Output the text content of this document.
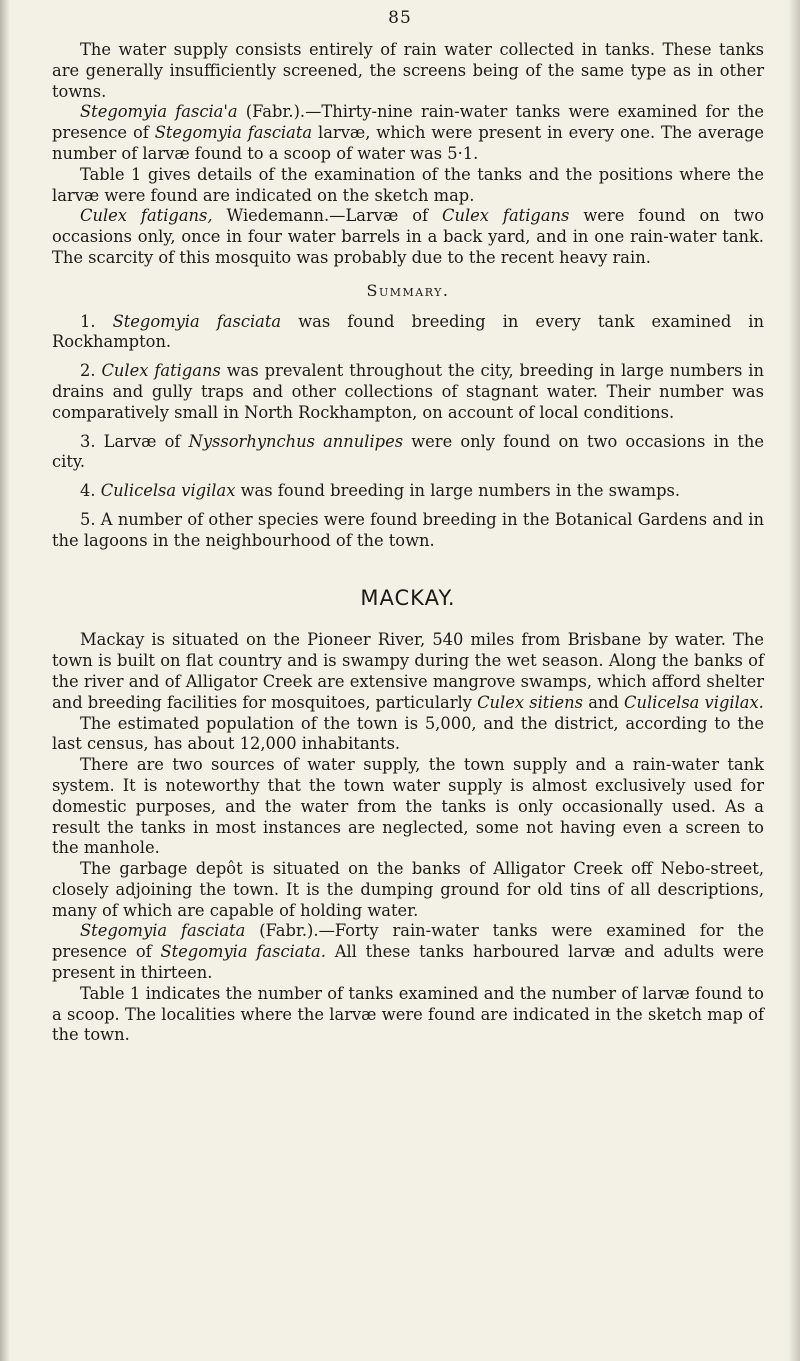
85

The water supply consists entirely of rain water collected in tanks. These tanks are generally insufficiently screened, the screens being of the same type as in other towns.

Stegomyia fascia'a (Fabr.).—Thirty-nine rain-water tanks were examined for the presence of Stegomyia fasciata larvæ, which were present in every one. The average number of larvæ found to a scoop of water was 5·1.

Table 1 gives details of the examination of the tanks and the positions where the larvæ were found are indicated on the sketch map.

Culex fatigans, Wiedemann.—Larvæ of Culex fatigans were found on two occasions only, once in four water barrels in a back yard, and in one rain-water tank. The scarcity of this mosquito was probably due to the recent heavy rain.

Summary.

1. Stegomyia fasciata was found breeding in every tank examined in Rockhampton.

2. Culex fatigans was prevalent throughout the city, breeding in large numbers in drains and gully traps and other collections of stagnant water. Their number was comparatively small in North Rockhampton, on account of local conditions.

3. Larvæ of Nyssorhynchus annulipes were only found on two occasions in the city.

4. Culicelsa vigilax was found breeding in large numbers in the swamps.

5. A number of other species were found breeding in the Botanical Gardens and in the lagoons in the neighbourhood of the town.

MACKAY.

Mackay is situated on the Pioneer River, 540 miles from Brisbane by water. The town is built on flat country and is swampy during the wet season. Along the banks of the river and of Alligator Creek are extensive mangrove swamps, which afford shelter and breeding facilities for mosquitoes, particularly Culex sitiens and Culicelsa vigilax.

The estimated population of the town is 5,000, and the district, according to the last census, has about 12,000 inhabitants.

There are two sources of water supply, the town supply and a rain-water tank system. It is noteworthy that the town water supply is almost exclusively used for domestic purposes, and the water from the tanks is only occasionally used. As a result the tanks in most instances are neglected, some not having even a screen to the manhole.

The garbage depôt is situated on the banks of Alligator Creek off Nebo-street, closely adjoining the town. It is the dumping ground for old tins of all descriptions, many of which are capable of holding water.

Stegomyia fasciata (Fabr.).—Forty rain-water tanks were examined for the presence of Stegomyia fasciata. All these tanks harboured larvæ and adults were present in thirteen.

Table 1 indicates the number of tanks examined and the number of larvæ found to a scoop. The localities where the larvæ were found are indicated in the sketch map of the town.
